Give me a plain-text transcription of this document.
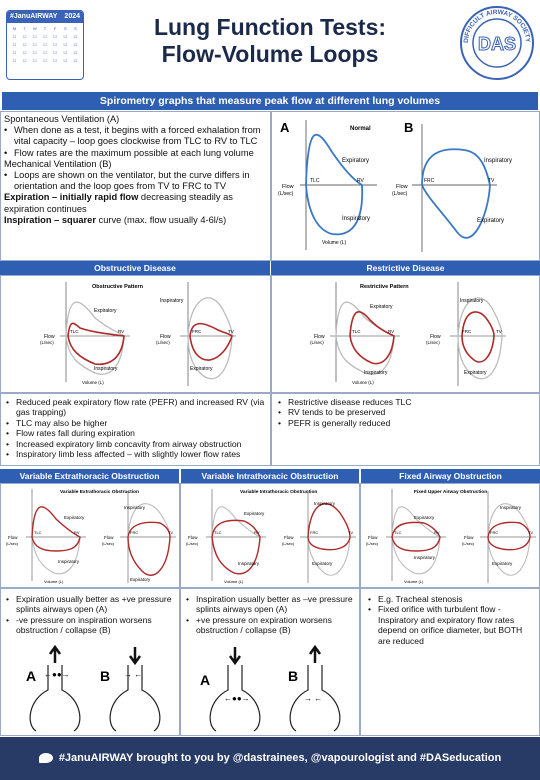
#JanuAIRWAY 2024
M	T	W	T	F	S	S
☐	☐	☐	☐	☐	☐	☐
☐	☐	☐	☐	☐	☐	☐
☐	☐	☐	☐	☐	☐	☐
☐	☐	☐	☐	☐	☐	☐
Lung Function Tests:
Flow-Volume Loops	DAS
DIFFICULT AIRWAY SOCIETY
Spirometry graphs that measure peak flow at different lung volumes
Spontaneous Ventilation (A)
• When done as a test, it begins with a forced exhalation from vital capacity – loop goes clockwise from TLC to RV to TLC
• Flow rates are the maximum possible at each lung volume
Mechanical Ventilation (B)
• Loops are shown on the ventilator, but the curve differs in orientation and the loop goes from TV to FRC to TV
Expiration – initially rapid flow decreasing steadily as expiration continues
Inspiration – squarer curve (max. flow usually 4-6l/s)
A	B
Normal
Expiratory
Inspiratory
Flow
(L/sec)
Volume (L)
TLC	RV
Inspiratory
Expiratory
Flow
(L/sec)
FRC	TV
Obstructive Disease	Restrictive Disease
Obstructive Pattern
Expiratory
Inspiratory
Flow
(L/sec)
Volume (L)
TLC	RV
Flow
(L/sec)
Inspiratory
Expiratory
FRC	TV
Restrictive Pattern
Expiratory
Inspiratory
Flow
(L/sec)
Volume (L)
TLC	RV
Flow
(L/sec)
Inspiratory
Expiratory
FRC	TV
• Reduced peak expiratory flow rate (PEFR) and increased RV (via gas trapping)
• TLC may also be higher
• Flow rates fall during expiration
• Increased expiratory limb concavity from airway obstruction
• Inspiratory limb less affected – with slightly lower flow rates
• Restrictive disease reduces TLC
• RV tends to be preserved
• PEFR is generally reduced
Variable Extrathoracic Obstruction	Variable Intrathoracic Obstruction	Fixed Airway Obstruction
Variable Extrathoracic Obstruction
Expiratory
Inspiratory
Flow
(L/sec)
Volume (L)
TLC	RV
Flow
(L/sec)
Inspiratory
Expiratory
FRC	TV
Variable Intrathoracic Obstruction
Expiratory
Inspiratory
Flow
(L/sec)
Volume (L)
TLC	RV
Flow
(L/sec)
Inspiratory
Expiratory
FRC	TV
Fixed Upper Airway Obstruction
Expiratory
Inspiratory
Flow
(L/sec)
Volume (L)
TLC	RV
Flow
(L/sec)
Inspiratory
Expiratory
FRC	TV
• Expiration usually better as +ve pressure splints airways open (A)
• -ve pressure on inspiration worsens obstruction / collapse (B)
• Inspiration usually better as –ve pressure splints airways open (A)
• +ve pressure on expiration worsens obstruction / collapse (B)
• E.g. Tracheal stenosis
• Fixed orifice with turbulent flow - Inspiratory and expiratory flow rates depend on orifice diameter, but BOTH are reduced
A	B
←●●→	→ ←	A	B
←●●→	→ ←
#JanuAIRWAY brought to you by @dastrainees, @vapourologist and #DASeducation
